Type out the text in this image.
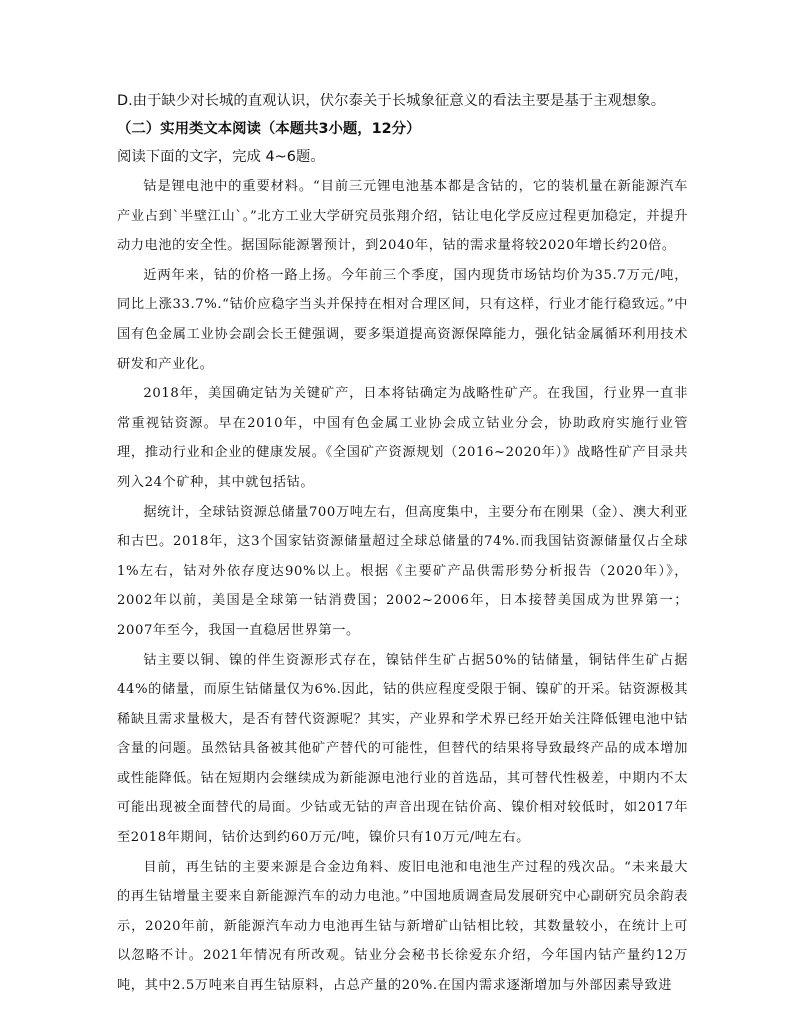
D.由于缺少对长城的直观认识，伏尔泰关于长城象征意义的看法主要是基于主观想象。
（二）实用类文本阅读（本题共3小题，12分）
阅读下面的文字，完成 4~6题。

钴是锂电池中的重要材料。“目前三元锂电池基本都是含钴的，它的装机量在新能源汽车产业占到`半壁江山`。”北方工业大学研究员张翔介绍，钴让电化学反应过程更加稳定，并提升动力电池的安全性。据国际能源署预计，到2040年，钴的需求量将较2020年增长约20倍。

近两年来，钴的价格一路上扬。今年前三个季度，国内现货市场钴均价为35.7万元/吨，同比上涨33.7%.“钴价应稳字当头并保持在相对合理区间，只有这样，行业才能行稳致远。”中国有色金属工业协会副会长王健强调，要多渠道提高资源保障能力，强化钴金属循环利用技术研发和产业化。

2018年，美国确定钴为关键矿产，日本将钴确定为战略性矿产。在我国，行业界一直非常重视钴资源。早在2010年，中国有色金属工业协会成立钴业分会，协助政府实施行业管理，推动行业和企业的健康发展。《全国矿产资源规划（2016~2020年）》战略性矿产目录共列入24个矿种，其中就包括钴。

据统计，全球钴资源总储量700万吨左右，但高度集中，主要分布在刚果（金）、澳大利亚和古巴。2018年，这3个国家钴资源储量超过全球总储量的74%.而我国钴资源储量仅占全球1%左右，钴对外依存度达90%以上。根据《主要矿产品供需形势分析报告（2020年）》，2002年以前，美国是全球第一钴消费国；2002~2006年，日本接替美国成为世界第一；2007年至今，我国一直稳居世界第一。

钴主要以铜、镍的伴生资源形式存在，镍钴伴生矿占据50%的钴储量，铜钴伴生矿占据44%的储量，而原生钴储量仅为6%.因此，钴的供应程度受限于铜、镍矿的开采。钴资源极其稀缺且需求量极大，是否有替代资源呢？其实，产业界和学术界已经开始关注降低锂电池中钴含量的问题。虽然钴具备被其他矿产替代的可能性，但替代的结果将导致最终产品的成本增加或性能降低。钴在短期内会继续成为新能源电池行业的首选品，其可替代性极差，中期内不太可能出现被全面替代的局面。少钴或无钴的声音出现在钴价高、镍价相对较低时，如2017年至2018年期间，钴价达到约60万元/吨，镍价只有10万元/吨左右。

目前，再生钴的主要来源是合金边角料、废旧电池和电池生产过程的残次品。“未来最大的再生钴增量主要来自新能源汽车的动力电池。”中国地质调查局发展研究中心副研究员余韵表示，2020年前，新能源汽车动力电池再生钴与新增矿山钴相比较，其数量较小，在统计上可以忽略不计。2021年情况有所改观。钴业分会秘书长徐爱东介绍，今年国内钴产量约12万吨，其中2.5万吨来自再生钴原料，占总产量的20%.在国内需求逐渐增加与外部因素导致进
